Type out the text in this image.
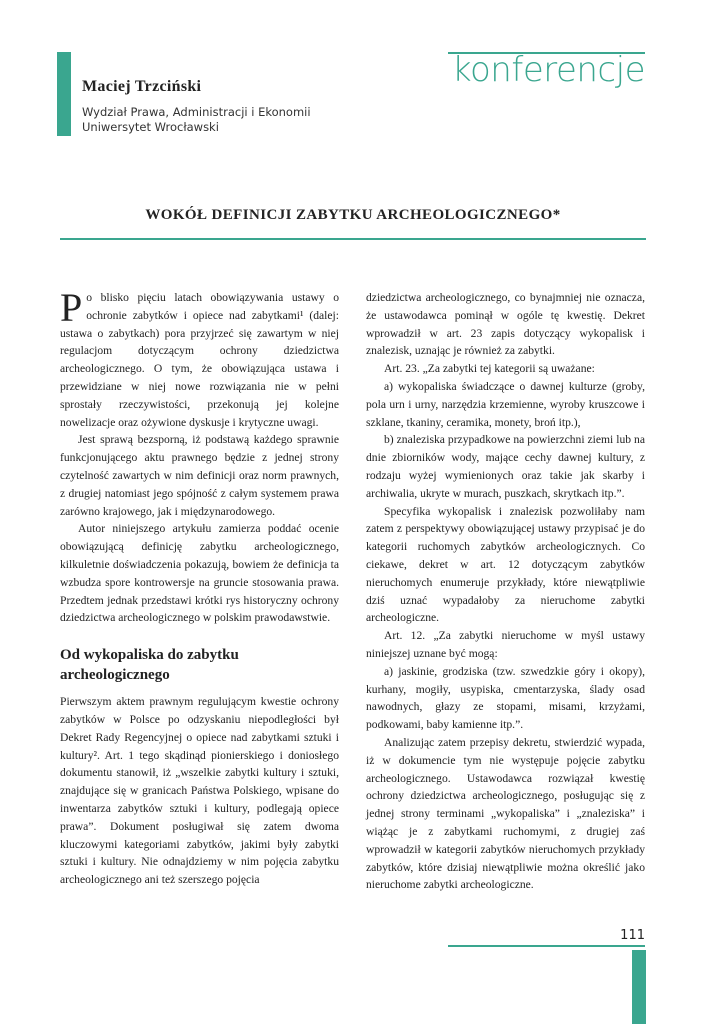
konferencje
Maciej Trzciński
Wydział Prawa, Administracji i Ekonomii
Uniwersytet Wrocławski
WOKÓŁ DEFINICJI ZABYTKU ARCHEOLOGICZNEGO*

Po blisko pięciu latach obowiązywania ustawy o ochronie zabytków i opiece nad zabytkami¹ (dalej: ustawa o zabytkach) pora przyjrzeć się zawartym w niej regulacjom dotyczącym ochrony dziedzictwa archeologicznego. O tym, że obowiązująca ustawa i przewidziane w niej nowe rozwiązania nie w pełni sprostały rzeczywistości, przekonują jej kolejne nowelizacje oraz ożywione dyskusje i krytyczne uwagi.

Jest sprawą bezsporną, iż podstawą każdego sprawnie funkcjonującego aktu prawnego będzie z jednej strony czytelność zawartych w nim definicji oraz norm prawnych, z drugiej natomiast jego spójność z całym systemem prawa zarówno krajowego, jak i międzynarodowego.

Autor niniejszego artykułu zamierza poddać ocenie obowiązującą definicję zabytku archeologicznego, kilkuletnie doświadczenia pokazują, bowiem że definicja ta wzbudza spore kontrowersje na gruncie stosowania prawa. Przedtem jednak przedstawi krótki rys historyczny ochrony dziedzictwa archeologicznego w polskim prawodawstwie.

Od wykopaliska do zabytku archeologicznego

Pierwszym aktem prawnym regulującym kwestie ochrony zabytków w Polsce po odzyskaniu niepodległości był Dekret Rady Regencyjnej o opiece nad zabytkami sztuki i kultury². Art. 1 tego skądinąd pionierskiego i doniosłego dokumentu stanowił, iż „wszelkie zabytki kultury i sztuki, znajdujące się w granicach Państwa Polskiego, wpisane do inwentarza zabytków sztuki i kultury, podlegają opiece prawa”. Dokument posługiwał się zatem dwoma kluczowymi kategoriami zabytków, jakimi były zabytki sztuki i kultury. Nie odnajdziemy w nim pojęcia zabytku archeologicznego ani też szerszego pojęcia

dziedzictwa archeologicznego, co bynajmniej nie oznacza, że ustawodawca pominął w ogóle tę kwestię. Dekret wprowadził w art. 23 zapis dotyczący wykopalisk i znalezisk, uznając je również za zabytki.

Art. 23. „Za zabytki tej kategorii są uważane:

a) wykopaliska świadczące o dawnej kulturze (groby, pola urn i urny, narzędzia krzemienne, wyroby kruszcowe i szklane, tkaniny, ceramika, monety, broń itp.),

b) znaleziska przypadkowe na powierzchni ziemi lub na dnie zbiorników wody, mające cechy dawnej kultury, z rodzaju wyżej wymienionych oraz takie jak skarby i archiwalia, ukryte w murach, puszkach, skrytkach itp.”.

Specyfika wykopalisk i znalezisk pozwoliłaby nam zatem z perspektywy obowiązującej ustawy przypisać je do kategorii ruchomych zabytków archeologicznych. Co ciekawe, dekret w art. 12 dotyczącym zabytków nieruchomych enumeruje przykłady, które niewątpliwie dziś uznać wypadałoby za nieruchome zabytki archeologiczne.

Art. 12. „Za zabytki nieruchome w myśl ustawy niniejszej uznane być mogą:

a) jaskinie, grodziska (tzw. szwedzkie góry i okopy), kurhany, mogiły, usypiska, cmentarzyska, ślady osad nawodnych, głazy ze stopami, misami, krzyżami, podkowami, baby kamienne itp.”.

Analizując zatem przepisy dekretu, stwierdzić wypada, iż w dokumencie tym nie występuje pojęcie zabytku archeologicznego. Ustawodawca rozwiązał kwestię ochrony dziedzictwa archeologicznego, posługując się z jednej strony terminami „wykopaliska” i „znaleziska” i wiążąc je z zabytkami ruchomymi, z drugiej zaś wprowadził w kategorii zabytków nieruchomych przykłady zabytków, które dzisiaj niewątpliwie można określić jako nieruchome zabytki archeologiczne.

111
